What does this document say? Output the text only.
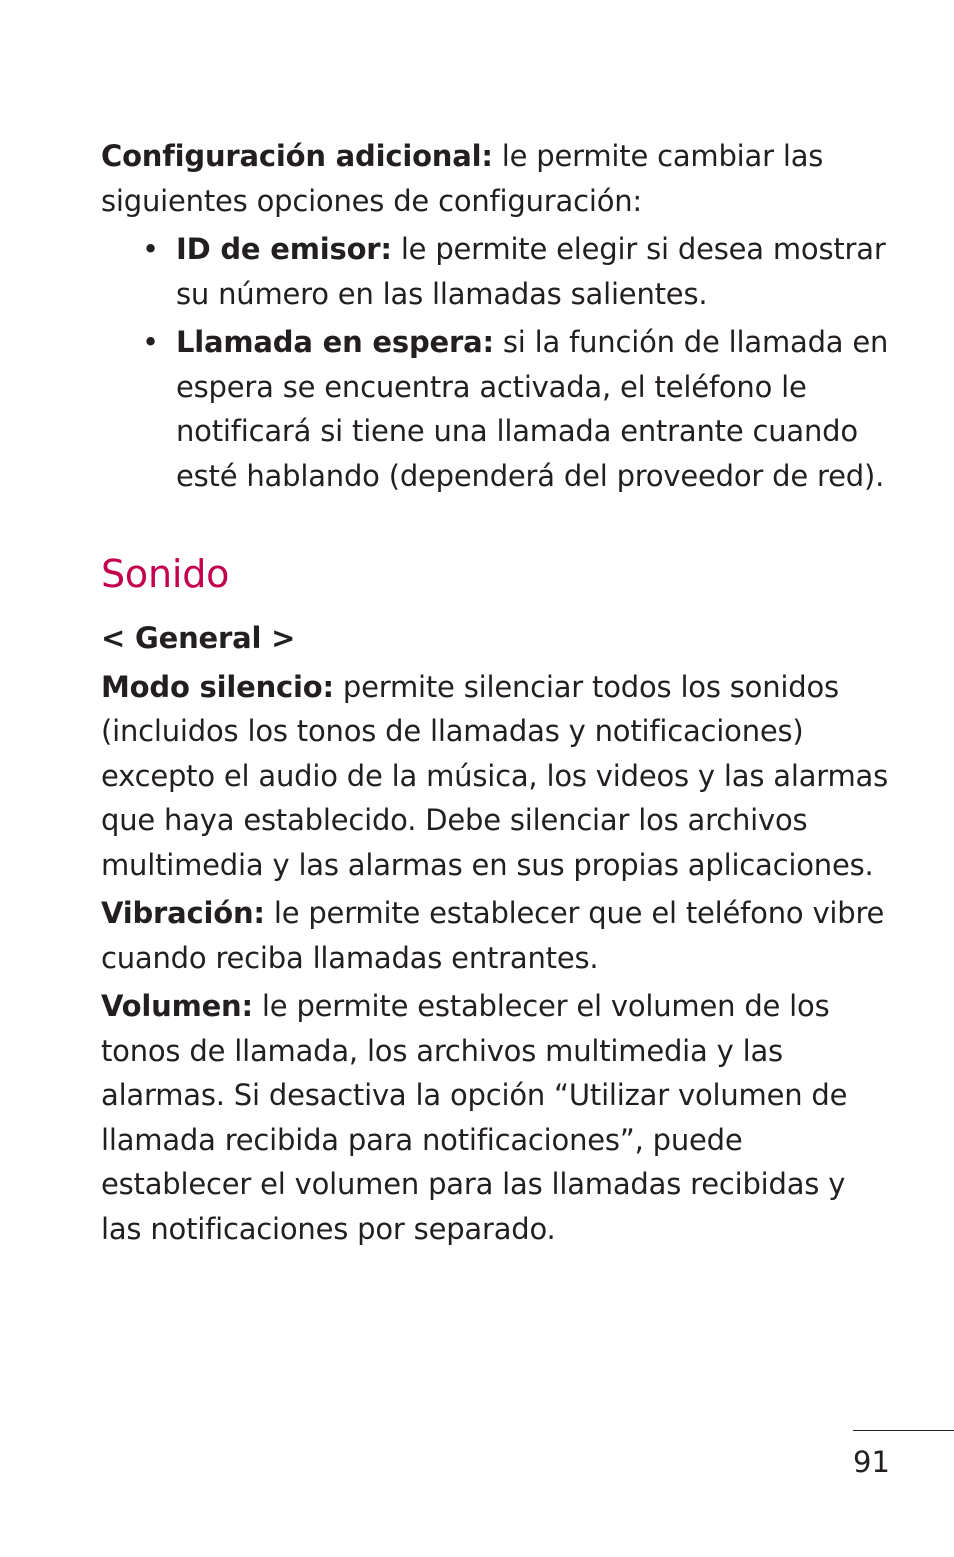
Configuración adicional: le permite cambiar las siguientes opciones de configuración:

• ID de emisor: le permite elegir si desea mostrar su número en las llamadas salientes.
• Llamada en espera: si la función de llamada en espera se encuentra activada, el teléfono le notificará si tiene una llamada entrante cuando esté hablando (dependerá del proveedor de red).
Sonido

< General >

Modo silencio: permite silenciar todos los sonidos (incluidos los tonos de llamadas y notificaciones) excepto el audio de la música, los videos y las alarmas que haya establecido. Debe silenciar los archivos multimedia y las alarmas en sus propias aplicaciones.

Vibración: le permite establecer que el teléfono vibre cuando reciba llamadas entrantes.

Volumen: le permite establecer el volumen de los tonos de llamada, los archivos multimedia y las alarmas. Si desactiva la opción “Utilizar volumen de llamada recibida para notificaciones”, puede establecer el volumen para las llamadas recibidas y las notificaciones por separado.

91
